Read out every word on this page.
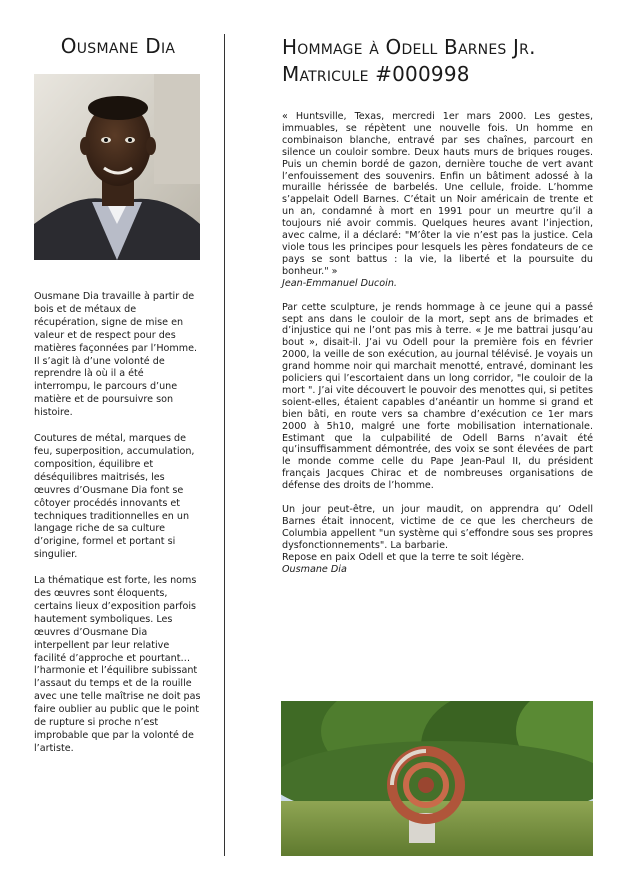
Ousmane Dia

Ousmane Dia travaille à partir de bois et de métaux de récupération, signe de mise en valeur et de respect pour des matières façonnées par l’Homme. Il s’agit là d’une volonté de reprendre là où il a été interrompu, le parcours d’une matière et de poursuivre son histoire.

Coutures de métal, marques de feu, superposition, accumulation, composition, équilibre et déséquilibres maitrisés, les œuvres d’Ousmane Dia font se côtoyer procédés innovants et techniques traditionnelles en un langage riche de sa culture d’origine, formel et portant si singulier.

La thématique est forte, les noms des œuvres sont éloquents, certains lieux d’exposition parfois hautement symboliques. Les œuvres d’Ousmane Dia interpellent par leur relative facilité d’approche et pourtant…l’harmonie et l’équilibre subissant l’assaut du temps et de la rouille avec une telle maîtrise ne doit pas faire oublier au public que le point de rupture si proche n’est improbable que par la volonté de l’artiste.

Hommage à Odell Barnes Jr.
Matricule #000998

« Huntsville, Texas, mercredi 1er mars 2000. Les gestes, immuables, se répètent une nouvelle fois. Un homme en combinaison blanche, entravé par ses chaînes, parcourt en silence un couloir sombre. Deux hauts murs de briques rouges. Puis un chemin bordé de gazon, dernière touche de vert avant l’enfouissement des souvenirs. Enfin un bâtiment adossé à la muraille hérissée de barbelés. Une cellule, froide. L’homme s’appelait Odell Barnes. C’était un Noir américain de trente et un an, condamné à mort en 1991 pour un meurtre qu’il a toujours nié avoir commis. Quelques heures avant l’injection, avec calme, il a déclaré: "M’ôter la vie n’est pas la justice. Cela viole tous les principes pour lesquels les pères fondateurs de ce pays se sont battus : la vie, la liberté et la poursuite du bonheur." »
Jean-Emmanuel Ducoin.

Par cette sculpture, je rends hommage à ce jeune qui a passé sept ans dans le couloir de la mort, sept ans de brimades et d’injustice qui ne l’ont pas mis à terre. « Je me battrai jusqu’au bout », disait-il. J’ai vu Odell pour la première fois en février 2000, la veille de son exécution, au journal télévisé. Je voyais un grand homme noir qui marchait menotté, entravé, dominant les policiers qui l’escortaient dans un long corridor, "le couloir de la mort ". J’ai vite découvert le pouvoir des menottes qui, si petites soient-elles, étaient capables d’anéantir un homme si grand et bien bâti, en route vers sa chambre d’exécution ce 1er mars 2000 à 5h10, malgré une forte mobilisation internationale. Estimant que la culpabilité de Odell Barns n’avait été qu’insuffisamment démontrée, des voix se sont élevées de part le monde comme celle du Pape Jean-Paul II, du président français Jacques Chirac et de nombreuses organisations de défense des droits de l’homme.

Un jour peut-être, un jour maudit, on apprendra qu’ Odell Barnes était innocent, victime de ce que les chercheurs de Columbia appellent "un système qui s’effondre sous ses propres dysfonctionnements". La barbarie.
Repose en paix Odell et que la terre te soit légère.
Ousmane Dia
